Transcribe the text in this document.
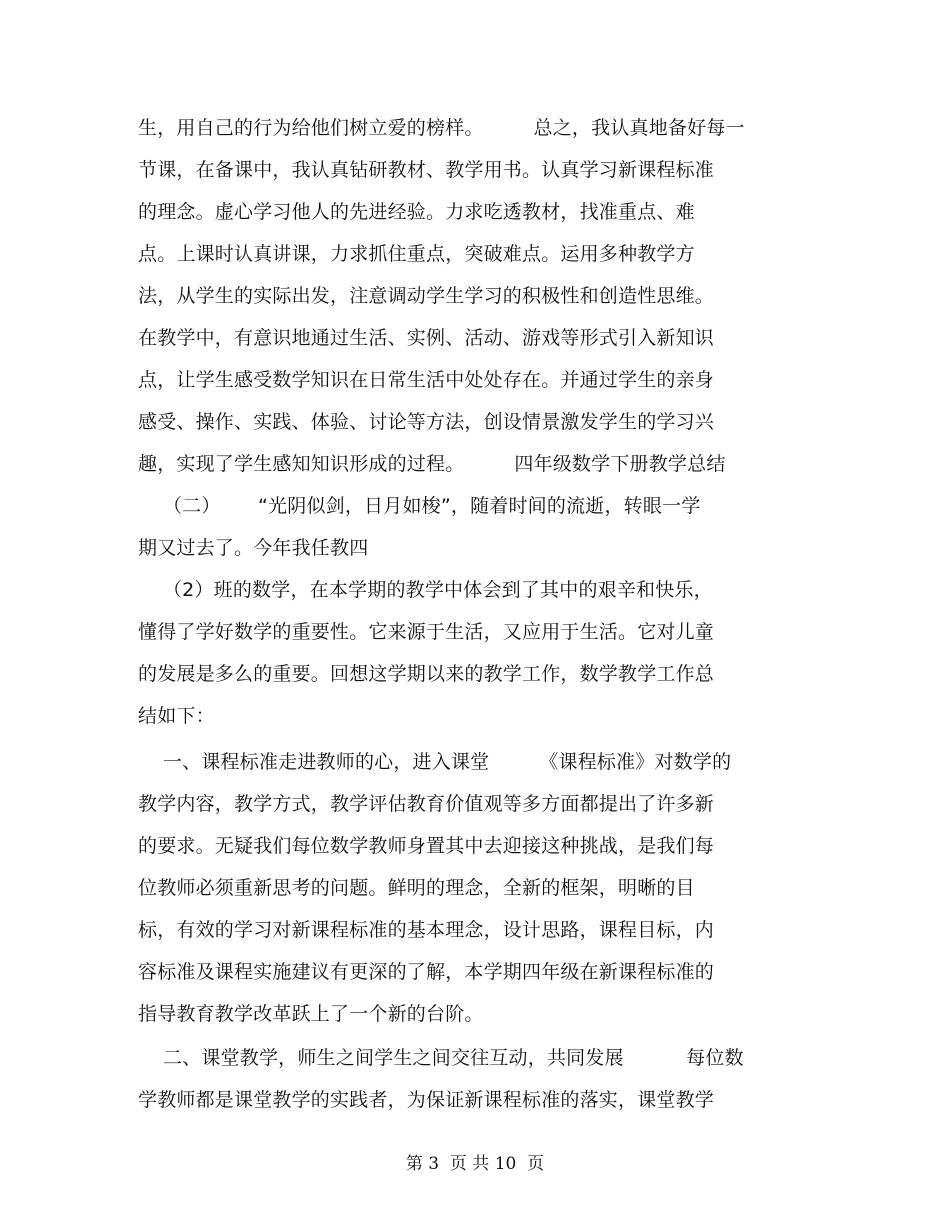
生，用自己的行为给他们树立爱的榜样。        总之，我认真地备好每一
节课，在备课中，我认真钻研教材、教学用书。认真学习新课程标准
的理念。虚心学习他人的先进经验。力求吃透教材，找准重点、难
点。上课时认真讲课，力求抓住重点，突破难点。运用多种教学方
法，从学生的实际出发，注意调动学生学习的积极性和创造性思维。
在教学中，有意识地通过生活、实例、活动、游戏等形式引入新知识
点，让学生感受数学知识在日常生活中处处存在。并通过学生的亲身
感受、操作、实践、体验、讨论等方法，创设情景激发学生的学习兴
趣，实现了学生感知知识形成的过程。        四年级数学下册教学总结
（二）      “光阴似剑，日月如梭”，随着时间的流逝，转眼一学
期又过去了。今年我任教四
（2）班的数学，在本学期的教学中体会到了其中的艰辛和快乐，
懂得了学好数学的重要性。它来源于生活，又应用于生活。它对儿童
的发展是多么的重要。回想这学期以来的教学工作，数学教学工作总
结如下：
一、课程标准走进教师的心，进入课堂        《课程标准》对数学的
教学内容，教学方式，教学评估教育价值观等多方面都提出了许多新
的要求。无疑我们每位数学教师身置其中去迎接这种挑战，是我们每
位教师必须重新思考的问题。鲜明的理念，全新的框架，明晰的目
标，有效的学习对新课程标准的基本理念，设计思路，课程目标，内
容标准及课程实施建议有更深的了解，本学期四年级在新课程标准的
指导教育教学改革跃上了一个新的台阶。
二、课堂教学，师生之间学生之间交往互动，共同发展          每位数
学教师都是课堂教学的实践者，为保证新课程标准的落实，课堂教学
第 3  页 共 10  页
